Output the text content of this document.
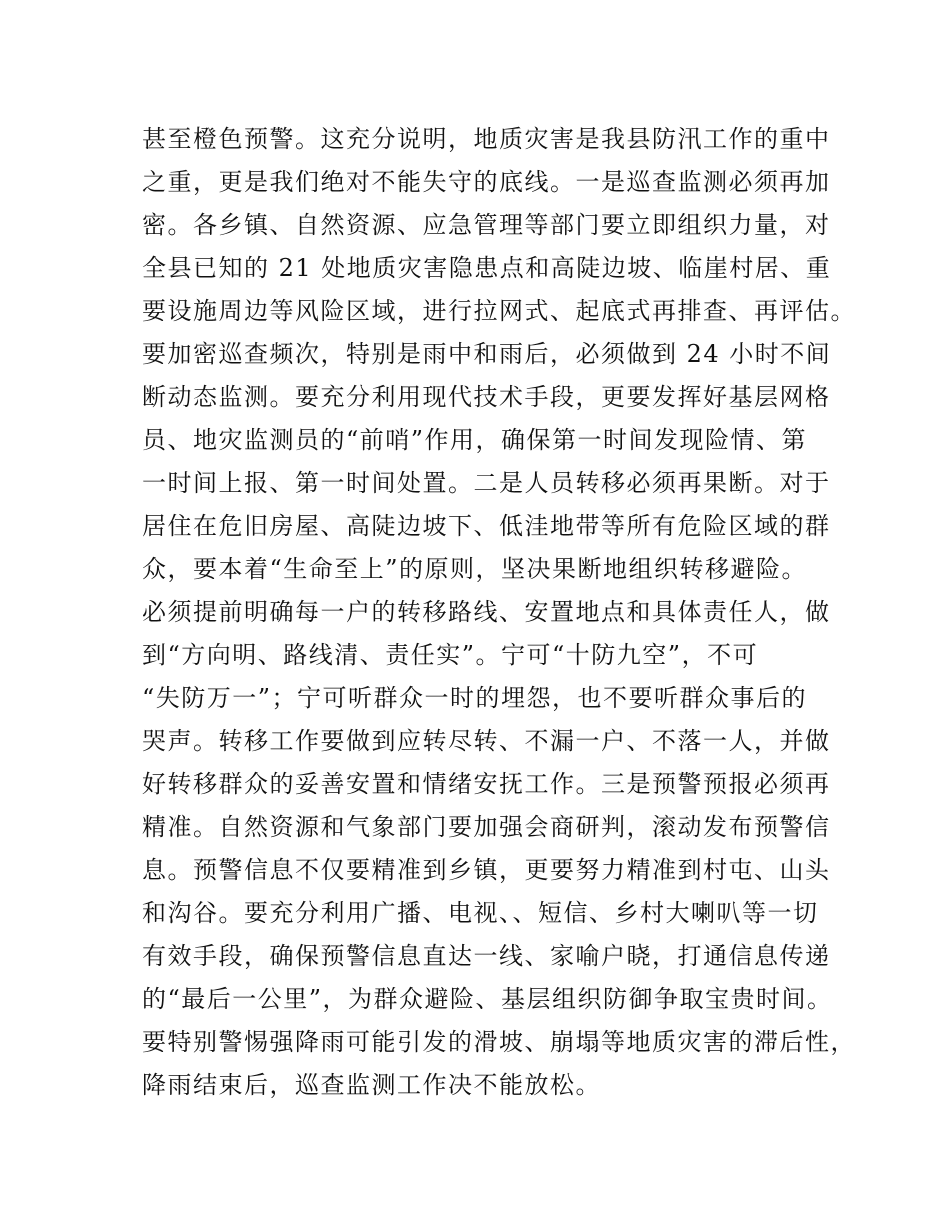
甚至橙色预警。这充分说明，地质灾害是我县防汛工作的重中
之重，更是我们绝对不能失守的底线。一是巡查监测必须再加
密。各乡镇、自然资源、应急管理等部门要立即组织力量，对
全县已知的 21 处地质灾害隐患点和高陡边坡、临崖村居、重
要设施周边等风险区域，进行拉网式、起底式再排查、再评估。
要加密巡查频次，特别是雨中和雨后，必须做到 24 小时不间
断动态监测。要充分利用现代技术手段，更要发挥好基层网格
员、地灾监测员的“前哨”作用，确保第一时间发现险情、第
一时间上报、第一时间处置。二是人员转移必须再果断。对于
居住在危旧房屋、高陡边坡下、低洼地带等所有危险区域的群
众，要本着“生命至上”的原则，坚决果断地组织转移避险。
必须提前明确每一户的转移路线、安置地点和具体责任人，做
到“方向明、路线清、责任实”。宁可“十防九空”，不可
“失防万一”；宁可听群众一时的埋怨，也不要听群众事后的
哭声。转移工作要做到应转尽转、不漏一户、不落一人，并做
好转移群众的妥善安置和情绪安抚工作。三是预警预报必须再
精准。自然资源和气象部门要加强会商研判，滚动发布预警信
息。预警信息不仅要精准到乡镇，更要努力精准到村屯、山头
和沟谷。要充分利用广播、电视、、短信、乡村大喇叭等一切
有效手段，确保预警信息直达一线、家喻户晓，打通信息传递
的“最后一公里”，为群众避险、基层组织防御争取宝贵时间。
要特别警惕强降雨可能引发的滑坡、崩塌等地质灾害的滞后性，
降雨结束后，巡查监测工作决不能放松。
